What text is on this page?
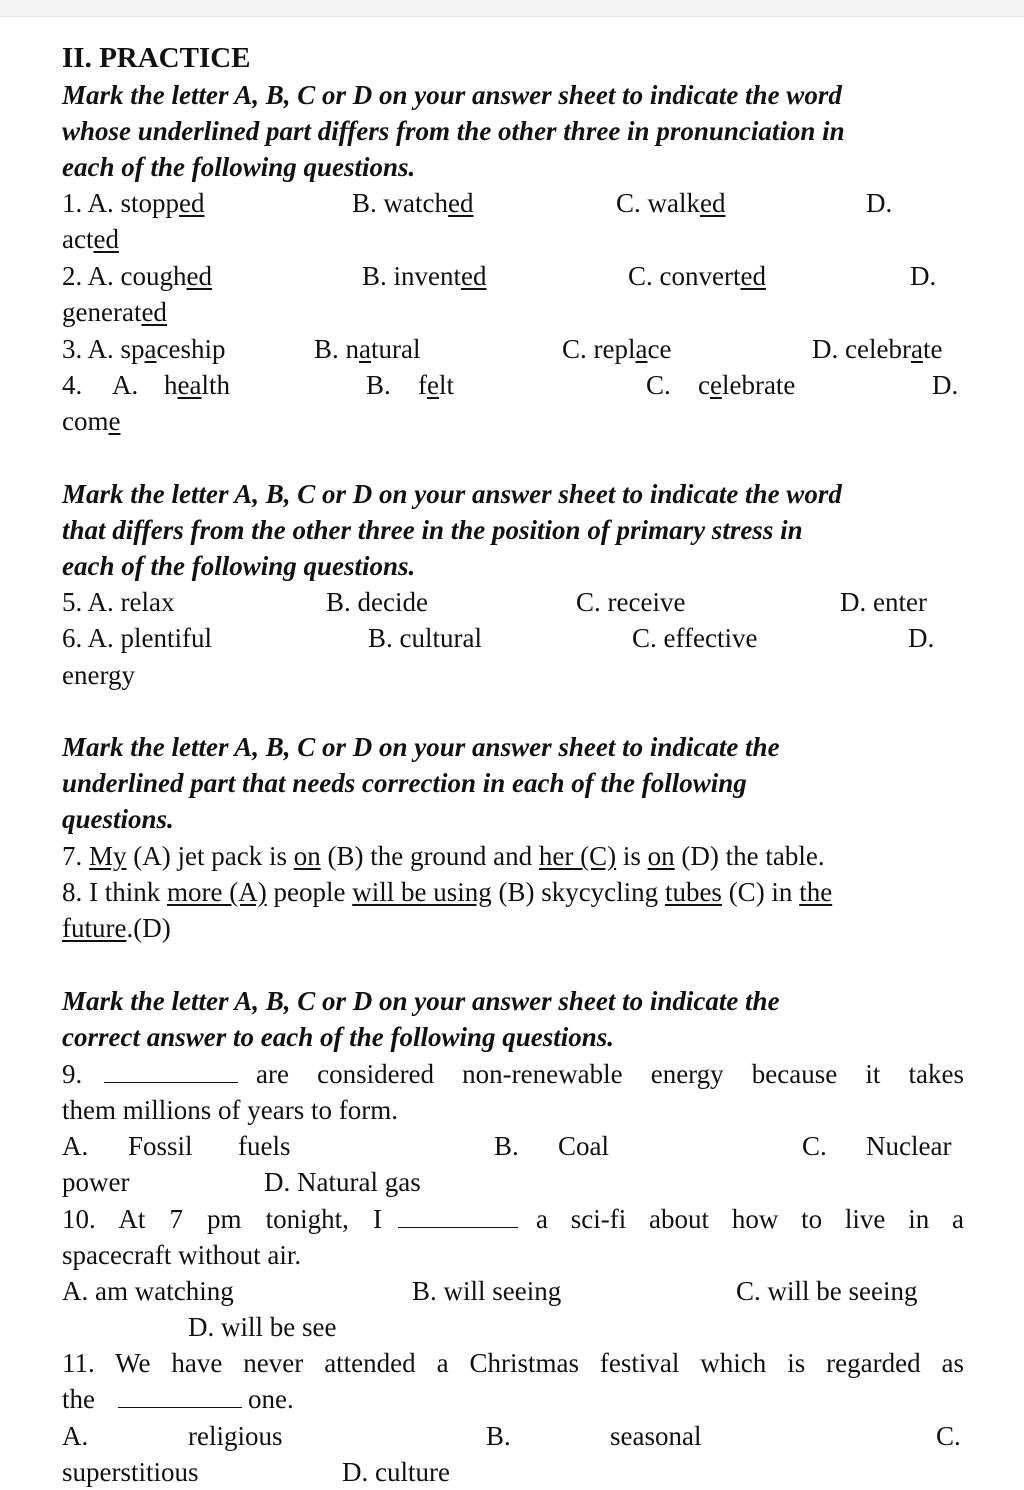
II. PRACTICE
Mark the letter A, B, C or D on your answer sheet to indicate the word
whose underlined part differs from the other three in pronunciation in
each of the following questions.
1. A. stopped	B. watched	C. walked	D.
acted
2. A. coughed	B. invented	C. converted	D.
generated
3. A. spaceship	B. natural	C. replace	D. celebrate
4. A. health	B. felt	C. celebrate	D.
come
Mark the letter A, B, C or D on your answer sheet to indicate the word
that differs from the other three in the position of primary stress in
each of the following questions.
5. A. relax	B. decide	C. receive	D. enter
6. A. plentiful	B. cultural	C. effective	D.
energy
Mark the letter A, B, C or D on your answer sheet to indicate the
underlined part that needs correction in each of the following
questions.
7. My (A) jet pack is on (B) the ground and her (C) is on (D) the table.
8. I think more (A) people will be using (B) skycycling tubes (C) in the
future.(D)
Mark the letter A, B, C or D on your answer sheet to indicate the
correct answer to each of the following questions.
9.	are considered non-renewable energy because it takes
them millions of years to form.
A. Fossil fuels	B. Coal	C. Nuclear
power	D. Natural gas
10. At 7 pm tonight, I	a sci-fi about how to live in a
spacecraft without air.
A. am watching	B. will seeing	C. will be seeing
D. will be see
11. We have never attended a Christmas festival which is regarded as
the	one.
A.	religious	B.	seasonal	C.
superstitious	D. culture
